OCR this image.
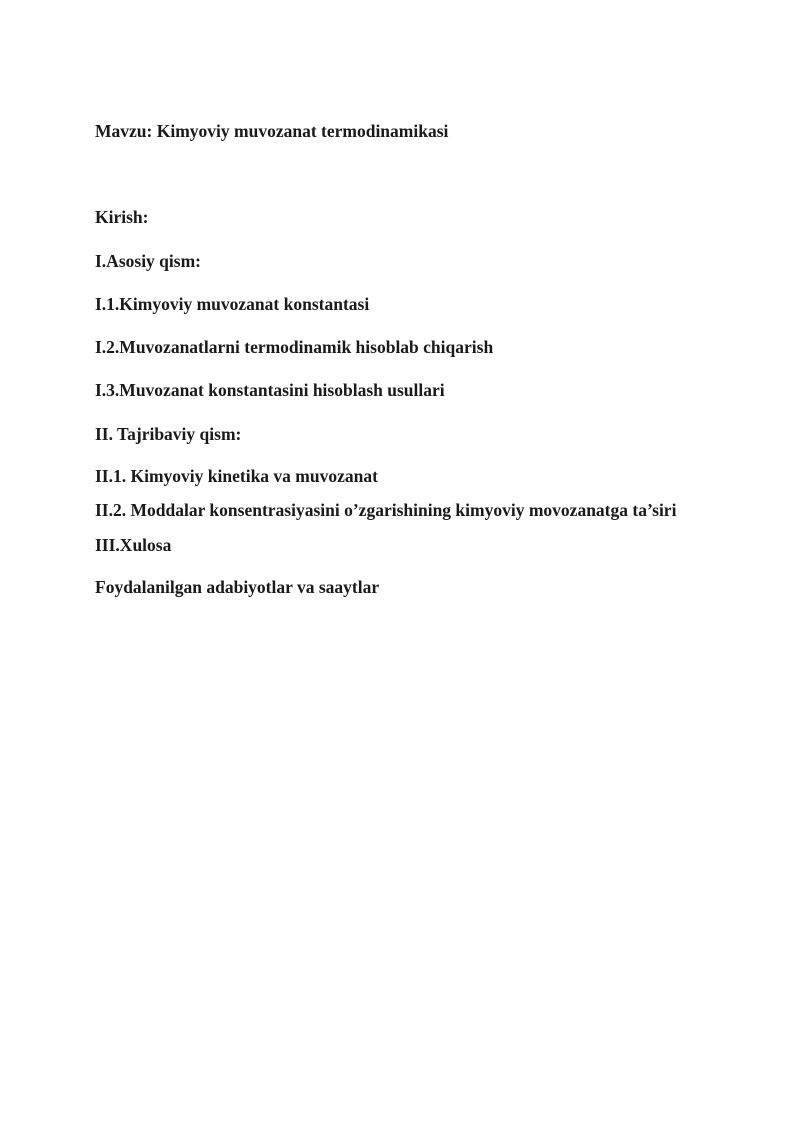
Mavzu: Kimyoviy muvozanat termodinamikasi

Kirish:

I.Asosiy qism:

I.1.Kimyoviy muvozanat konstantasi

I.2.Muvozanatlarni termodinamik hisoblab chiqarish

I.3.Muvozanat konstantasini hisoblash usullari

II. Tajribaviy qism:

II.1. Kimyoviy kinetika va muvozanat

II.2. Moddalar konsentrasiyasini o’zgarishining kimyoviy movozanatga ta’siri

III.Xulosa

Foydalanilgan adabiyotlar va saaytlar
